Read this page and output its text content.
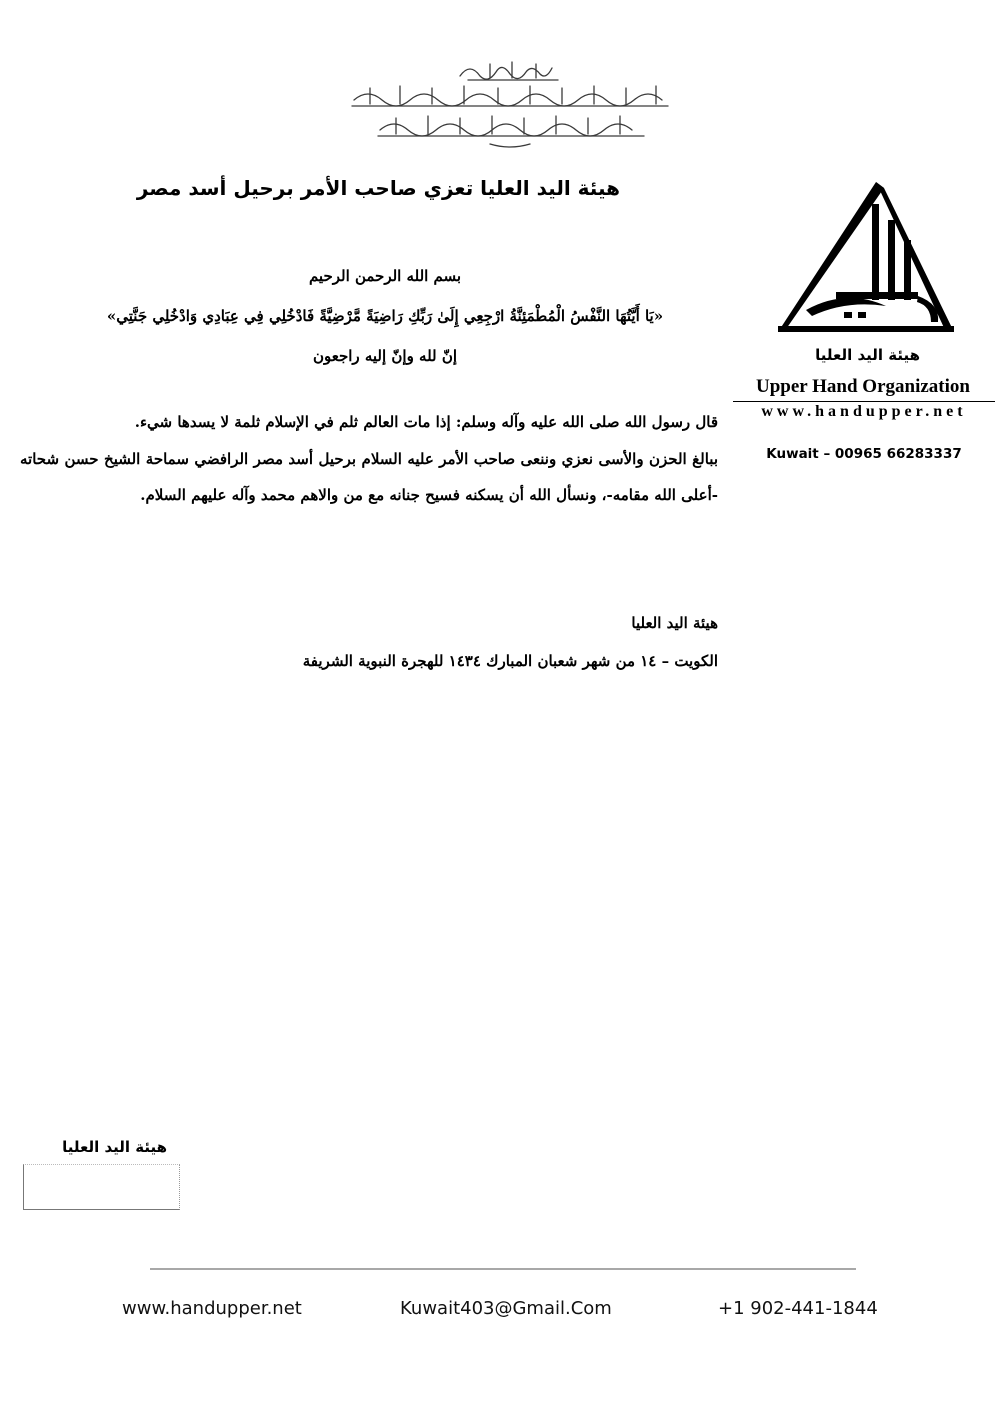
هيئة اليد العليا تعزي صاحب الأمر برحيل أسد مصر
بسم الله الرحمن الرحيم
«يَا أَيَّتُهَا النَّفْسُ الْمُطْمَئِنَّةُ ارْجِعِي إِلَىٰ رَبِّكِ رَاضِيَةً مَّرْضِيَّةً فَادْخُلِي فِي عِبَادِي وَادْخُلِي جَنَّتِي»
إنّ لله وإنّ إليه راجعون
قال رسول الله صلى الله عليه وآله وسلم: إذا مات العالم ثلم في الإسلام ثلمة لا يسدها شيء.
ببالغ الحزن والأسى نعزي وننعى صاحب الأمر عليه السلام برحيل أسد مصر الرافضي سماحة الشيخ حسن شحاته -أعلى الله مقامه-، ونسأل الله أن يسكنه فسيح جنانه مع من والاهم محمد وآله عليهم السلام.
هيئة اليد العليا
الكويت – ١٤ من شهر شعبان المبارك ١٤٣٤ للهجرة النبوية الشريفة
هيئة اليد العليا
Upper Hand Organization
www.handupper.net
Kuwait – 00965 66283337
هيئة اليد العليا
www.handupper.net	Kuwait403@Gmail.Com	+1 902-441-1844
